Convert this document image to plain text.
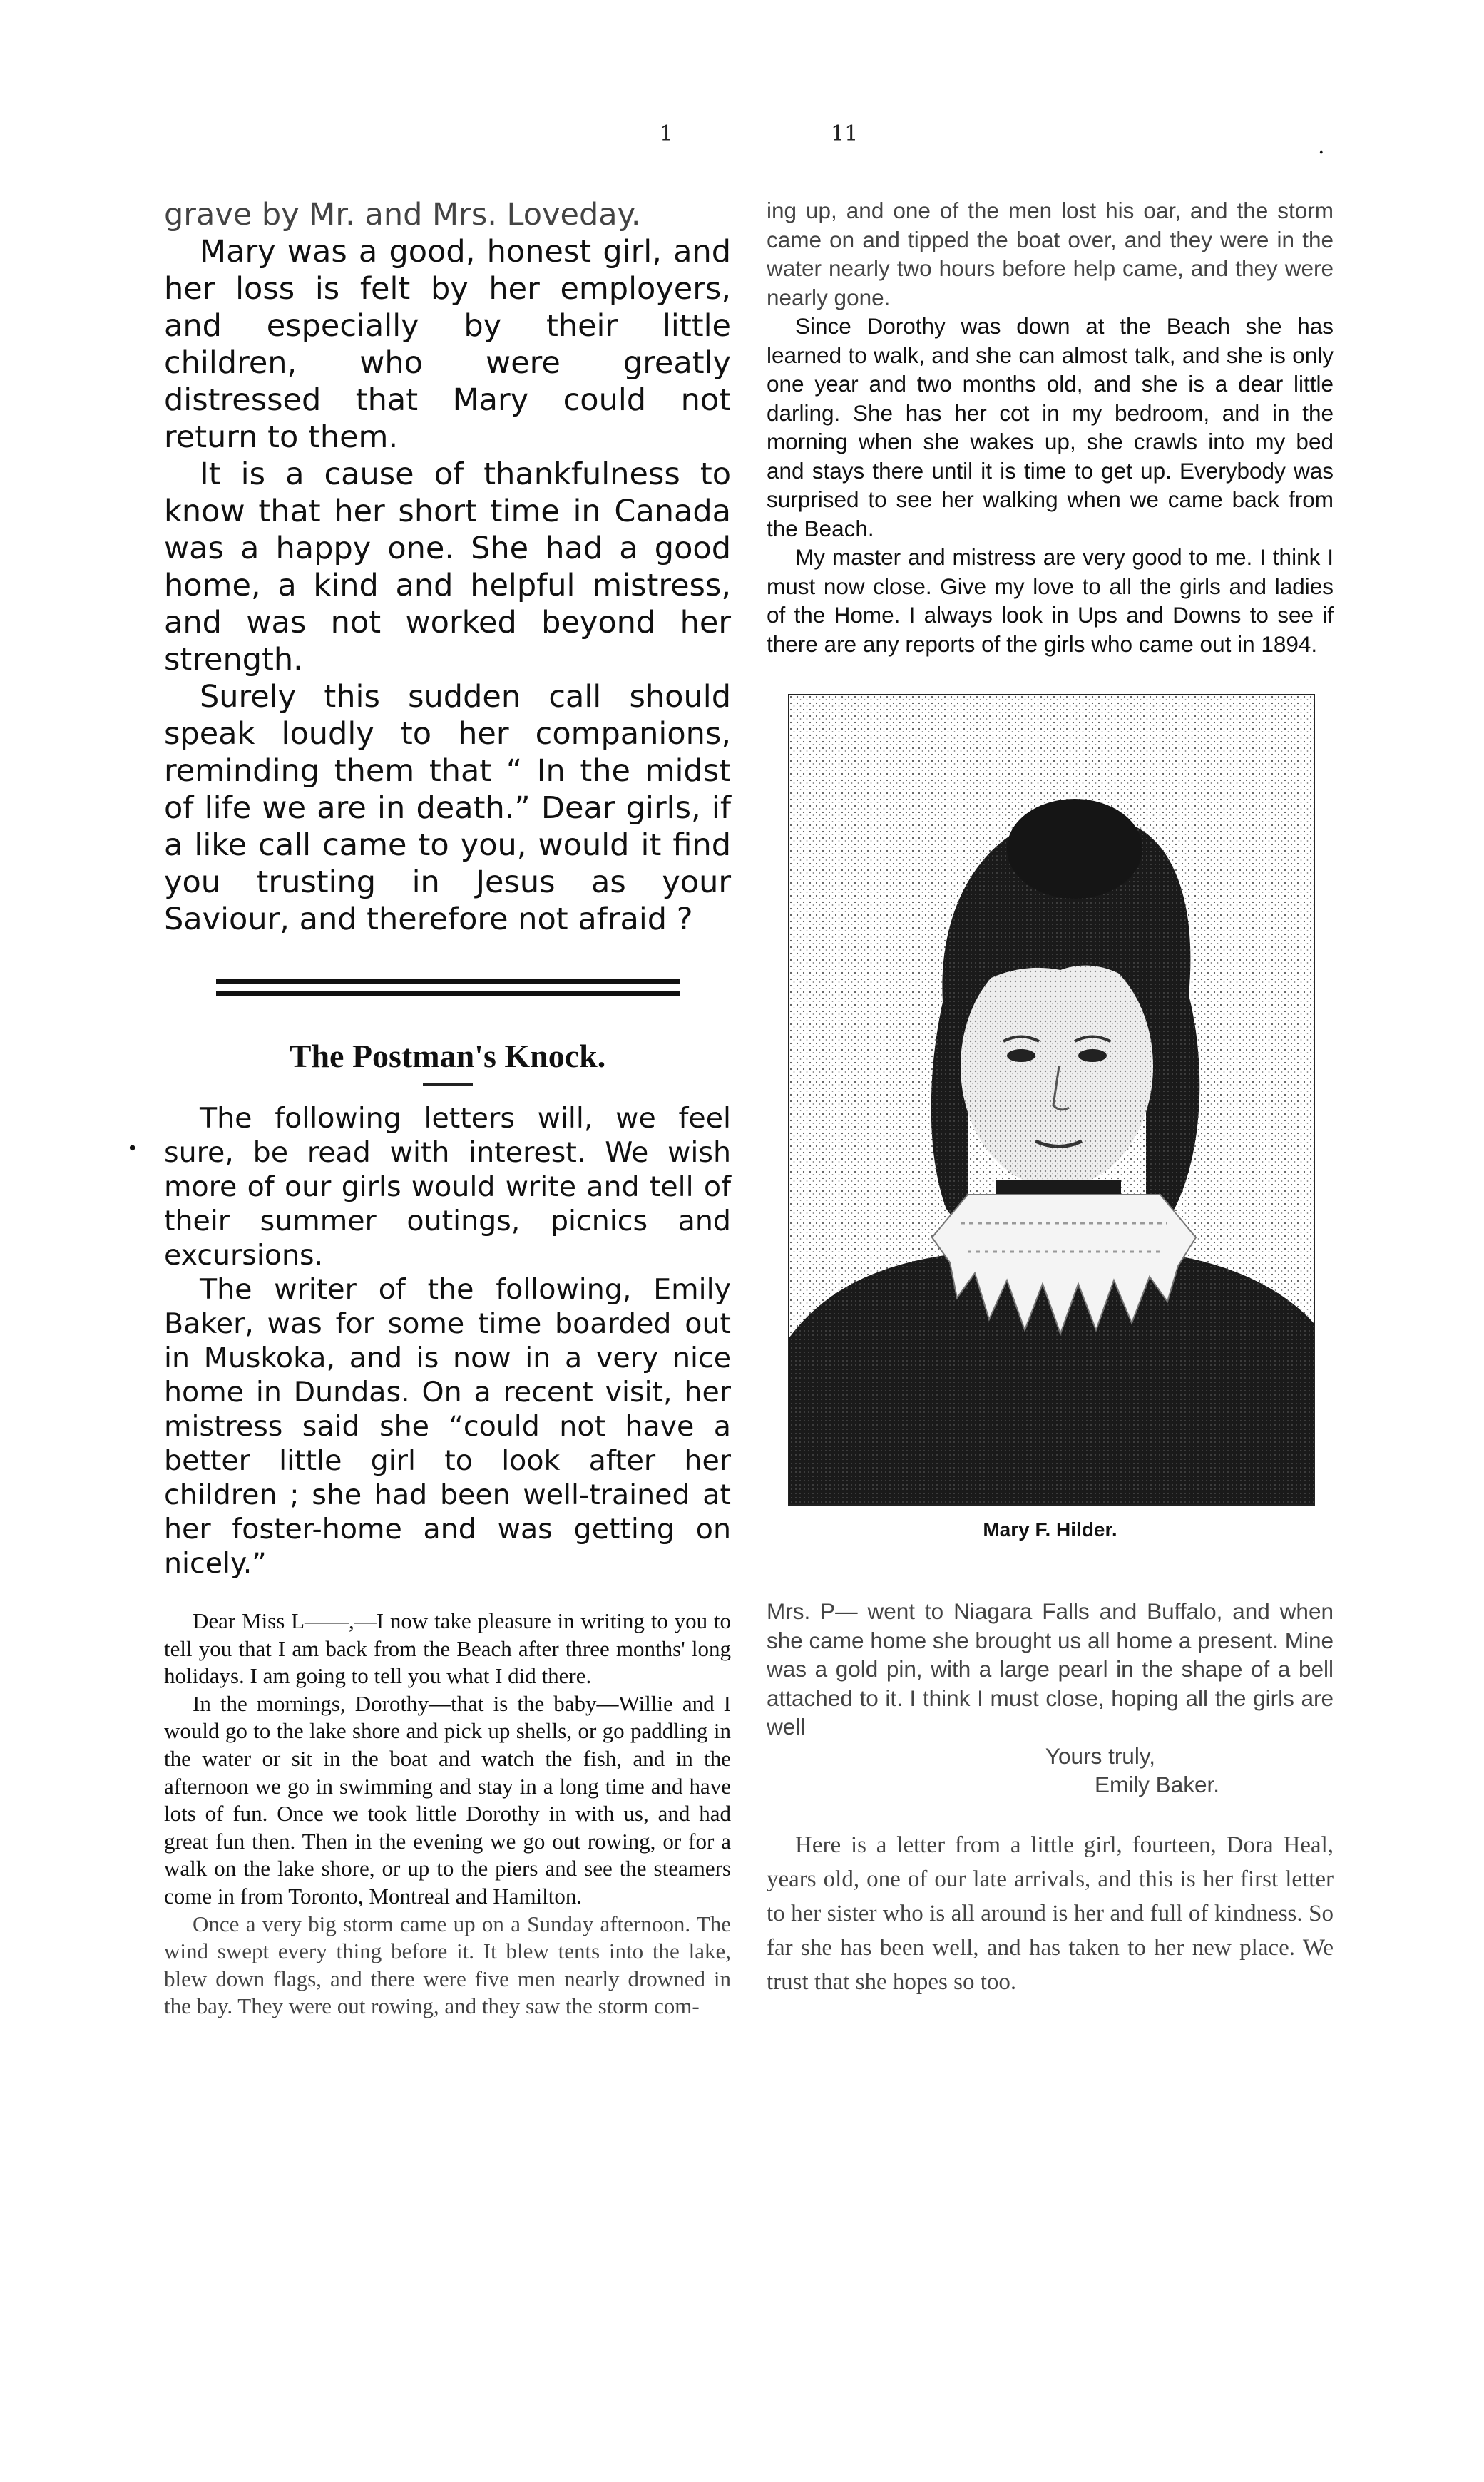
1	11
.
•

grave by Mr. and Mrs. Loveday.

Mary was a good, honest girl, and her loss is felt by her employers, and especially by their little children, who were greatly distressed that Mary could not return to them.

It is a cause of thankfulness to know that her short time in Canada was a happy one. She had a good home, a kind and helpful mistress, and was not worked beyond her strength.

Surely this sudden call should speak loudly to her companions, reminding them that “ In the midst of life we are in death.” Dear girls, if a like call came to you, would it find you trusting in Jesus as your Saviour, and therefore not afraid ?

The Postman's Knock.

The following letters will, we feel sure, be read with interest. We wish more of our girls would write and tell of their summer outings, picnics and excursions.

The writer of the following, Emily Baker, was for some time boarded out in Muskoka, and is now in a very nice home in Dundas. On a recent visit, her mistress said she “could not have a better little girl to look after her children ; she had been well-trained at her foster-home and was getting on nicely.”

Dear Miss L——,—I now take pleasure in writing to you to tell you that I am back from the Beach after three months' long holidays. I am going to tell you what I did there.

In the mornings, Dorothy—that is the baby—Willie and I would go to the lake shore and pick up shells, or go paddling in the water or sit in the boat and watch the fish, and in the afternoon we go in swimming and stay in a long time and have lots of fun. Once we took little Dorothy in with us, and had great fun then. Then in the evening we go out rowing, or for a walk on the lake shore, or up to the piers and see the steamers come in from Toronto, Montreal and Hamilton.

Once a very big storm came up on a Sunday afternoon. The wind swept every thing before it. It blew tents into the lake, blew down flags, and there were five men nearly drowned in the bay. They were out rowing, and they saw the storm com-

ing up, and one of the men lost his oar, and the storm came on and tipped the boat over, and they were in the water nearly two hours before help came, and they were nearly gone.

Since Dorothy was down at the Beach she has learned to walk, and she can almost talk, and she is only one year and two months old, and she is a dear little darling. She has her cot in my bedroom, and in the morning when she wakes up, she crawls into my bed and stays there until it is time to get up. Everybody was surprised to see her walking when we came back from the Beach.

My master and mistress are very good to me. I think I must now close. Give my love to all the girls and ladies of the Home. I always look in Ups and Downs to see if there are any reports of the girls who came out in 1894.

Mary F. Hilder.

Mrs. P— went to Niagara Falls and Buffalo, and when she came home she brought us all home a present. Mine was a gold pin, with a large pearl in the shape of a bell attached to it. I think I must close, hoping all the girls are well

Yours truly,

Emily Baker.

Here is a letter from a little girl, fourteen, Dora Heal, years old, one of our late arrivals, and this is her first letter to her sister who is all around is her and full of kindness. So far she has been well, and has taken to her new place. We trust that she hopes so too.
